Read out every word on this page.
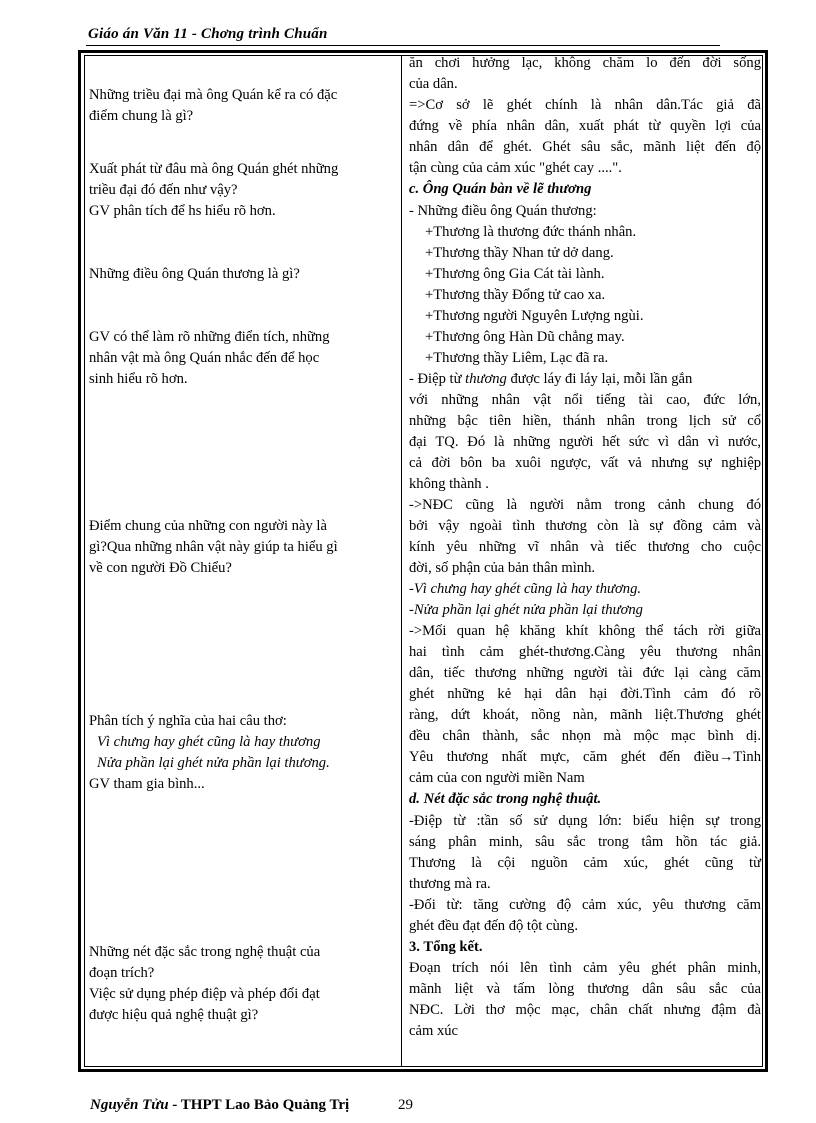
Giáo án Văn 11 - Chơng trình Chuẩn
Những triều đại mà ông Quán kể ra có đặc
điểm chung là gì?
Xuất phát từ đâu mà ông Quán ghét những
triều đại đó đến như vậy?
GV phân tích để hs hiểu rõ hơn.
Những điều ông Quán thương là gì?
GV có thể làm rõ những điển tích, những
nhân vật mà ông Quán nhắc đến để học
sinh hiểu rõ hơn.
Điểm chung của những con người này là
gì?Qua những nhân vật này giúp ta hiểu gì
về con người Đồ Chiểu?
Phân tích ý nghĩa của hai câu thơ:
Vì chưng hay ghét cũng là hay thương
Nửa phần lại ghét nửa phần lại thương.
GV tham gia bình...
Những nét đặc sắc trong nghệ thuật của
đoạn trích?
Việc sử dụng phép điệp và phép đối đạt
được hiệu quả nghệ thuật gì?
ăn chơi hưởng lạc, không chăm lo đến đời sống
của dân.
=>Cơ sở lẽ ghét chính là nhân dân.Tác giả đã
đứng về phía nhân dân, xuất phát từ quyền lợi của
nhân dân để ghét. Ghét sâu sắc, mãnh liệt đến độ
tận cùng của cảm xúc "ghét cay ....".
c. Ông Quán bàn về lẽ thương
- Những điều ông Quán thương:
+Thương là thương đức thánh nhân.
+Thương thầy Nhan tử dở dang.
+Thương ông Gia Cát tài lành.
+Thương thầy Đổng tử cao xa.
+Thương người Nguyên Lượng ngùi.
+Thương ông Hàn Dũ chẳng may.
+Thương thầy Liêm, Lạc đã ra.
- Điệp từ thương được láy đi láy lại, mỗi lần gắn
với những nhân vật nổi tiếng tài cao, đức lớn,
những bậc tiên hiền, thánh nhân trong lịch sử cổ
đại TQ. Đó là những người hết sức vì dân vì nước,
cả đời bôn ba xuôi ngược, vất vả nhưng sự nghiệp
không thành .
->NĐC cũng là người nằm trong cảnh chung đó
bởi vậy ngoài tình thương còn là sự đồng cảm và
kính yêu những vĩ nhân và tiếc thương cho cuộc
đời, số phận của bản thân mình.
-Vì chưng hay ghét cũng là hay thương.
-Nửa phần lại ghét nửa phần lại thương
->Mối quan hệ khăng khít không thể tách rời giữa
hai tình cảm ghét-thương.Càng yêu thương nhân
dân, tiếc thương những người tài đức lại càng căm
ghét những kẻ hại dân hại đời.Tình cảm đó rõ
ràng, dứt khoát, nồng nàn, mãnh liệt.Thương ghét
đều chân thành, sắc nhọn mà mộc mạc bình dị.
Yêu thương nhất mực, căm ghét đến điều→Tình
cảm của con người miền Nam
d. Nét đặc sắc trong nghệ thuật.
-Điệp từ :tần số sử dụng lớn: biểu hiện sự trong
sáng phân minh, sâu sắc trong tâm hồn tác giả.
Thương là cội nguồn cảm xúc, ghét cũng từ
thương mà ra.
-Đối từ: tăng cường độ cảm xúc, yêu thương căm
ghét đều đạt đến độ tột cùng.
3. Tổng kết.
Đoạn trích nói lên tình cảm yêu ghét phân minh,
mãnh liệt và tấm lòng thương dân sâu sắc của
NĐC. Lời thơ mộc mạc, chân chất nhưng đậm đà
cảm xúc
Nguyễn Tửu - THPT Lao Bảo Quảng Trị	29
